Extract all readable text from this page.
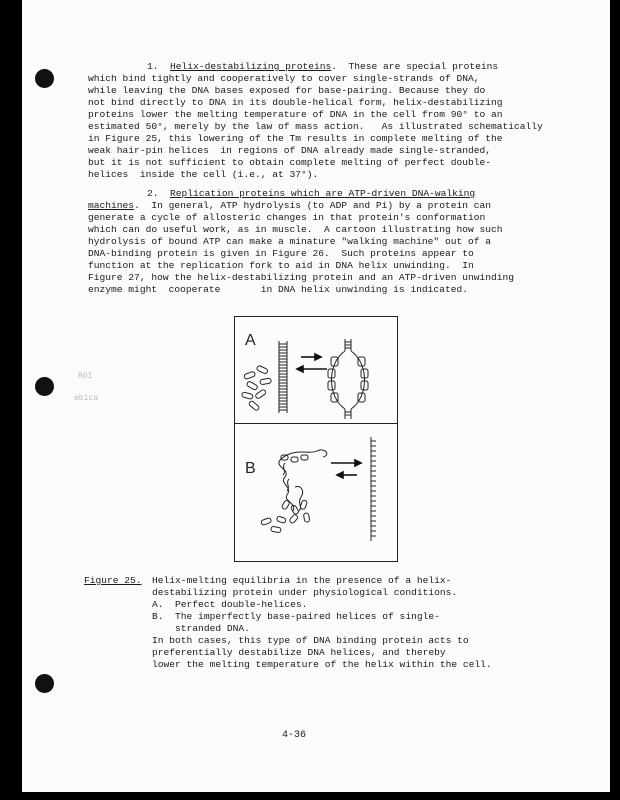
ROI
ebica
1. Helix-destabilizing proteins.  These are special proteins
which bind tightly and cooperatively to cover single-strands of DNA,
while leaving the DNA bases exposed for base-pairing. Because they do
not bind directly to DNA in its double-helical form, helix-destabilizing
proteins lower the melting temperature of DNA in the cell from 90° to an
estimated 50°, merely by the law of mass action.   As illustrated schematically
in Figure 25, this lowering of the Tm results in complete melting of the
weak hair-pin helices  in regions of DNA already made single-stranded,
but it is not sufficient to obtain complete melting of perfect double-
helices  inside the cell (i.e., at 37°).
2. Replication proteins which are ATP-driven DNA-walking
machines.  In general, ATP hydrolysis (to ADP and Pi) by a protein can
generate a cycle of allosteric changes in that protein's conformation
which can do useful work, as in muscle.  A cartoon illustrating how such
hydrolysis of bound ATP can make a minature "walking machine" out of a
DNA-binding protein is given in Figure 26.  Such proteins appear to
function at the replication fork to aid in DNA helix unwinding.  In
Figure 27, how the helix-destabilizing protein and an ATP-driven unwinding
enzyme might  cooperate       in DNA helix unwinding is indicated.
A
B
Figure 25. Helix-melting equilibria in the presence of a helix-
destabilizing protein under physiological conditions.
A.  Perfect double-helices.
B.  The imperfectly base-paired helices of single-
stranded DNA.
In both cases, this type of DNA binding protein acts to
preferentially destabilize DNA helices, and thereby
lower the melting temperature of the helix within the cell.
4-36
